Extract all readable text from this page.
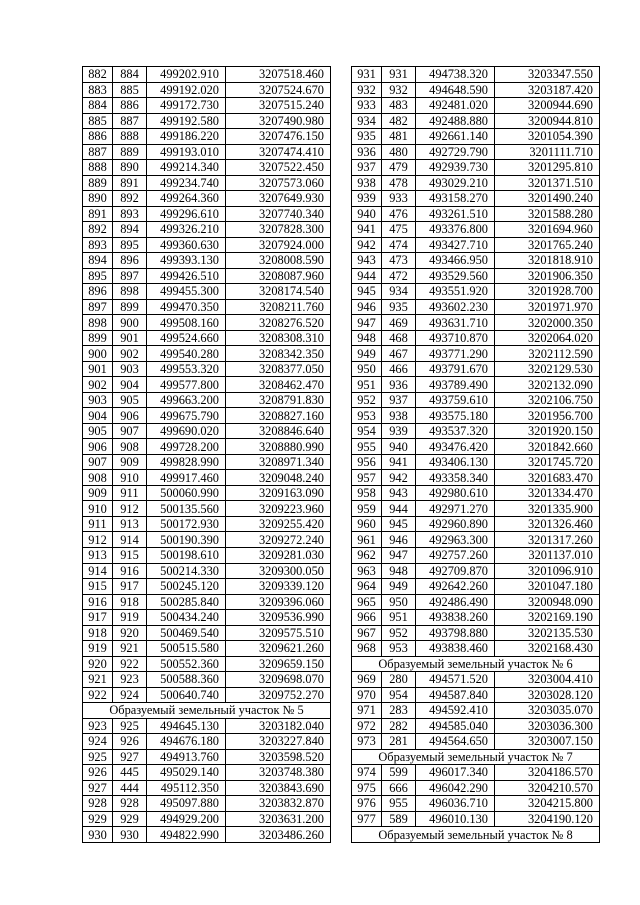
882	884	499202.910	3207518.460
883	885	499192.020	3207524.670
884	886	499172.730	3207515.240
885	887	499192.580	3207490.980
886	888	499186.220	3207476.150
887	889	499193.010	3207474.410
888	890	499214.340	3207522.450
889	891	499234.740	3207573.060
890	892	499264.360	3207649.930
891	893	499296.610	3207740.340
892	894	499326.210	3207828.300
893	895	499360.630	3207924.000
894	896	499393.130	3208008.590
895	897	499426.510	3208087.960
896	898	499455.300	3208174.540
897	899	499470.350	3208211.760
898	900	499508.160	3208276.520
899	901	499524.660	3208308.310
900	902	499540.280	3208342.350
901	903	499553.320	3208377.050
902	904	499577.800	3208462.470
903	905	499663.200	3208791.830
904	906	499675.790	3208827.160
905	907	499690.020	3208846.640
906	908	499728.200	3208880.990
907	909	499828.990	3208971.340
908	910	499917.460	3209048.240
909	911	500060.990	3209163.090
910	912	500135.560	3209223.960
911	913	500172.930	3209255.420
912	914	500190.390	3209272.240
913	915	500198.610	3209281.030
914	916	500214.330	3209300.050
915	917	500245.120	3209339.120
916	918	500285.840	3209396.060
917	919	500434.240	3209536.990
918	920	500469.540	3209575.510
919	921	500515.580	3209621.260
920	922	500552.360	3209659.150
921	923	500588.360	3209698.070
922	924	500640.740	3209752.270
Образуемый земельный участок № 5			
923	925	494645.130	3203182.040
924	926	494676.180	3203227.840
925	927	494913.760	3203598.520
926	445	495029.140	3203748.380
927	444	495112.350	3203843.690
928	928	495097.880	3203832.870
929	929	494929.200	3203631.200
930	930	494822.990	3203486.260
931	931	494738.320	3203347.550
932	932	494648.590	3203187.420
933	483	492481.020	3200944.690
934	482	492488.880	3200944.810
935	481	492661.140	3201054.390
936	480	492729.790	3201111.710
937	479	492939.730	3201295.810
938	478	493029.210	3201371.510
939	933	493158.270	3201490.240
940	476	493261.510	3201588.280
941	475	493376.800	3201694.960
942	474	493427.710	3201765.240
943	473	493466.950	3201818.910
944	472	493529.560	3201906.350
945	934	493551.920	3201928.700
946	935	493602.230	3201971.970
947	469	493631.710	3202000.350
948	468	493710.870	3202064.020
949	467	493771.290	3202112.590
950	466	493791.670	3202129.530
951	936	493789.490	3202132.090
952	937	493759.610	3202106.750
953	938	493575.180	3201956.700
954	939	493537.320	3201920.150
955	940	493476.420	3201842.660
956	941	493406.130	3201745.720
957	942	493358.340	3201683.470
958	943	492980.610	3201334.470
959	944	492971.270	3201335.900
960	945	492960.890	3201326.460
961	946	492963.300	3201317.260
962	947	492757.260	3201137.010
963	948	492709.870	3201096.910
964	949	492642.260	3201047.180
965	950	492486.490	3200948.090
966	951	493838.260	3202169.190
967	952	493798.880	3202135.530
968	953	493838.460	3202168.430
Образуемый земельный участок № 6			
969	280	494571.520	3203004.410
970	954	494587.840	3203028.120
971	283	494592.410	3203035.070
972	282	494585.040	3203036.300
973	281	494564.650	3203007.150
Образуемый земельный участок № 7			
974	599	496017.340	3204186.570
975	666	496042.290	3204210.570
976	955	496036.710	3204215.800
977	589	496010.130	3204190.120
Образуемый земельный участок № 8			
